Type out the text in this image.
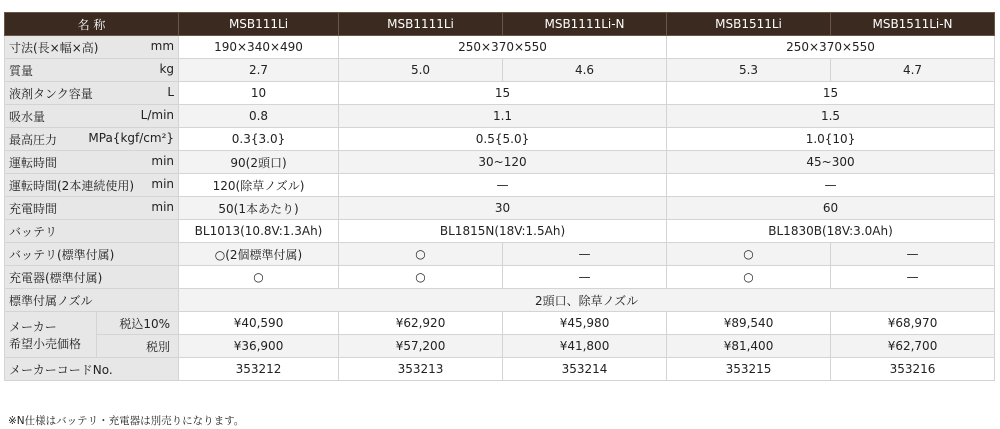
名 称		MSB111Li	MSB1111Li	MSB1111Li-N	MSB1511Li	MSB1511Li-N

寸法(長×幅×高) mm		190×340×490	250×370×550		250×370×550	

質量 kg		2.7	5.0	4.6	5.3	4.7

液剤タンク容量 L		10	15		15	

吸水量 L/min		0.8	1.1		1.5	

最高圧力 MPa{kgf/cm²}		0.3{3.0}	0.5{5.0}		1.0{10}	

運転時間 min		90(2頭口)	30~120		45~300	

運転時間(2本連続使用) min		120(除草ノズル)	—		—	

充電時間 min		50(1本あたり)	30		60	
バッテリ		BL1013(10.8V:1.3Ah)	BL1815N(18V:1.5Ah)		BL1830B(18V:3.0Ah)	
バッテリ(標準付属)		○(2個標準付属)	○	—	○	—
充電器(標準付属)		○	○	—	○	—
標準付属ノズル		2頭口、除草ノズル				

メーカー
希望小売価格	税込10%	¥40,590	¥62,920	¥45,980	¥89,540	¥68,970
	税別	¥36,900	¥57,200	¥41,800	¥81,400	¥62,700
メーカーコードNo.		353212	353213	353214	353215	353216
※N仕様はバッテリ・充電器は別売りになります。
